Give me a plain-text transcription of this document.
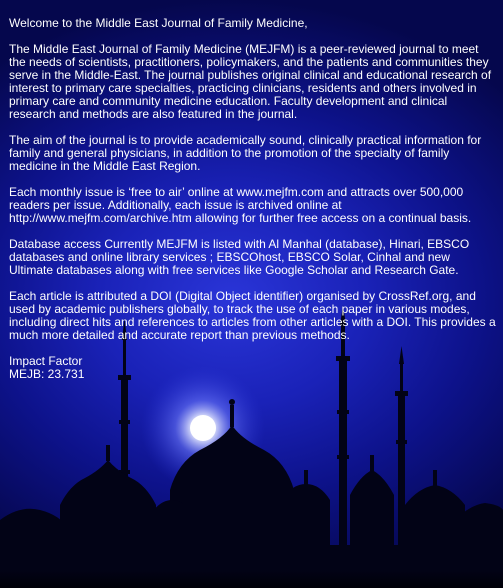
Welcome to the Middle East Journal of Family Medicine,

The Middle East Journal of Family Medicine (MEJFM) is a peer-reviewed journal to meet the needs of scientists, practitioners, policymakers, and the patients and communities they serve in the Middle-East. The journal publishes original clinical and educational research of interest to primary care specialties, practicing clinicians, residents and others involved in primary care and community medicine education. Faculty development and clinical research and methods are also featured in the journal.

The aim of the journal is to provide academically sound, clinically practical information for family and general physicians, in addition to the promotion of the specialty of family medicine in the Middle East Region.

Each monthly issue is ‘free to air’ online at www.mejfm.com and attracts over 500,000 readers per issue. Additionally, each issue is archived online at http://www.mejfm.com/archive.htm allowing for further free access on a continual basis.

Database access Currently MEJFM is listed with Al Manhal (database), Hinari, EBSCO databases and online library services ; EBSCOhost, EBSCO Solar, Cinhal and new Ultimate databases along with free services like Google Scholar and Research Gate.

Each article is attributed a DOI (Digital Object identifier) organised by CrossRef.org, and used by academic publishers globally, to track the use of each paper in various modes, including direct hits and references to articles from other articles with a DOI. This provides a much more detailed and accurate report than previous methods.

Impact Factor

MEJB: 23.731
